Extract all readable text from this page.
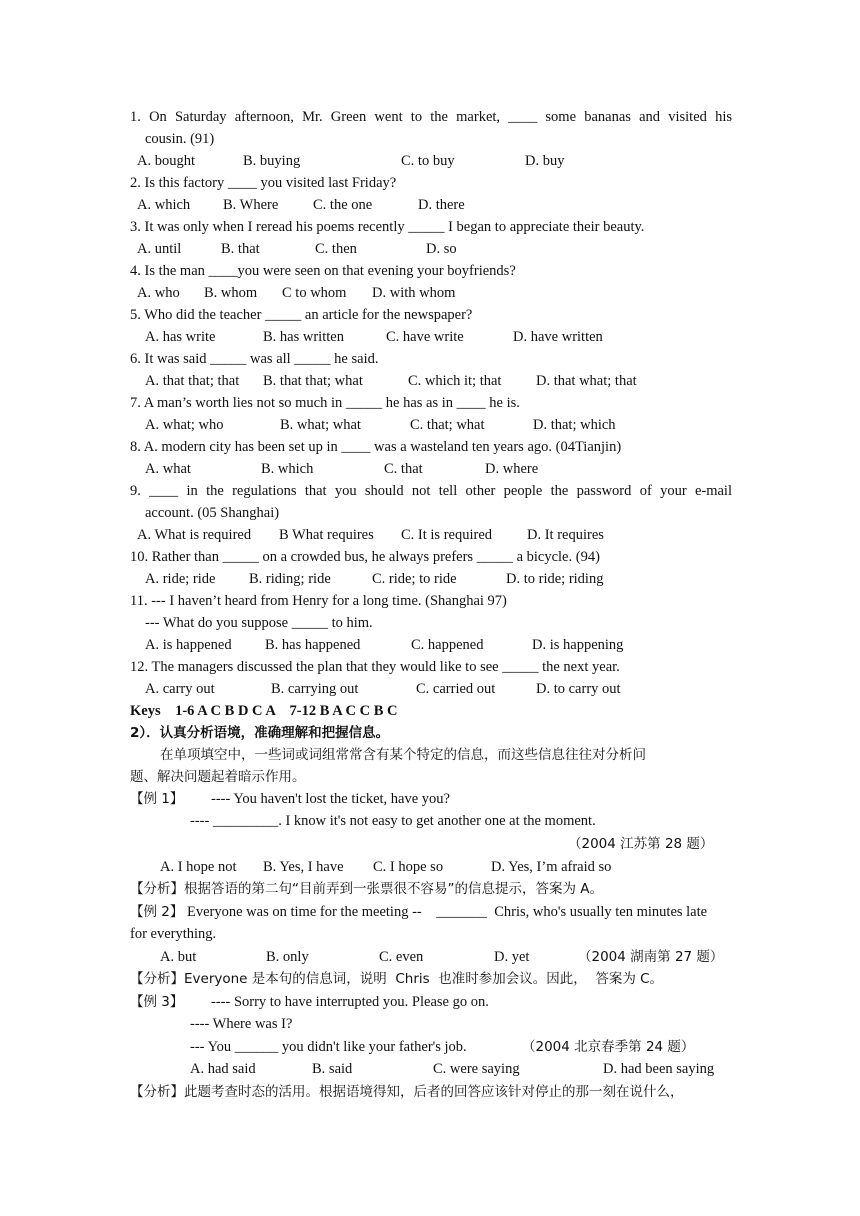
1. On Saturday afternoon, Mr. Green went to the market, ____ some bananas and visited his
cousin. (91)
A. bought	B. buying	C. to buy	D. buy
2. Is this factory ____ you visited last Friday?
A. which B. Where C. the one	D. there
3. It was only when I reread his poems recently _____ I began to appreciate their beauty.
A. until	B. that	C. then	D. so
4. Is the man ____you were seen on that evening your boyfriends?
A. who B. whom C to whom D. with whom
5. Who did the teacher _____ an article for the newspaper?
A. has write	B. has written	C. have write	D. have written
6. It was said _____ was all _____ he said.
A. that that; that B. that that; what	C. which it; that D. that what; that
7. A man’s worth lies not so much in _____ he has as in ____ he is.
A. what; who	B. what; what	C. that; what	D. that; which
8. A. modern city has been set up in ____ was a wasteland ten years ago. (04Tianjin)
A. what	B. which	C. that	D. where
9. ____ in the regulations that you should not tell other people the password of your e-mail
account. (05 Shanghai)
A. What is required B What requires C. It is required D. It requires
10. Rather than _____ on a crowded bus, he always prefers _____ a bicycle. (94)
A. ride; ride B. riding; ride	C. ride; to ride	D. to ride; riding
11. --- I haven’t heard from Henry for a long time. (Shanghai 97)
--- What do you suppose _____ to him.
A. is happened B. has happened	C. happened	D. is happening
12. The managers discussed the plan that they would like to see _____ the next year.
A. carry out	B. carrying out	C. carried out	D. to carry out
Keys    1-6 A C B D C A    7-12 B A C C B C
2）．认真分析语境，准确理解和把握信息。
在单项填空中，一些词或词组常常含有某个特定的信息，而这些信息往往对分析问
题、解决问题起着暗示作用。
【例 1】 ---- You haven't lost the ticket, have you?
---- _________. I know it's not easy to get another one at the moment.
（2004 江苏第 28 题）
A. I hope not B. Yes, I have C. I hope so	D. Yes, I’m afraid so
【分析】根据答语的第二句“目前弄到一张票很不容易”的信息提示，答案为 A。
【例 2】 Everyone was on time for the meeting --    _______  Chris, who's usually ten minutes late
for everything.
A. but	B. only	C. even	D. yet	（2004 湖南第 27 题）
【分析】Everyone 是本句的信息词，说明  Chris  也准时参加会议。因此，  答案为 C。
【例 3】 ---- Sorry to have interrupted you. Please go on.
---- Where was I?
--- You ______ you didn't like your father's job.	（2004 北京春季第 24 题）
A. had said	B. said	C. were saying	D. had been saying
【分析】此题考查时态的活用。根据语境得知，后者的回答应该针对停止的那一刻在说什么，
